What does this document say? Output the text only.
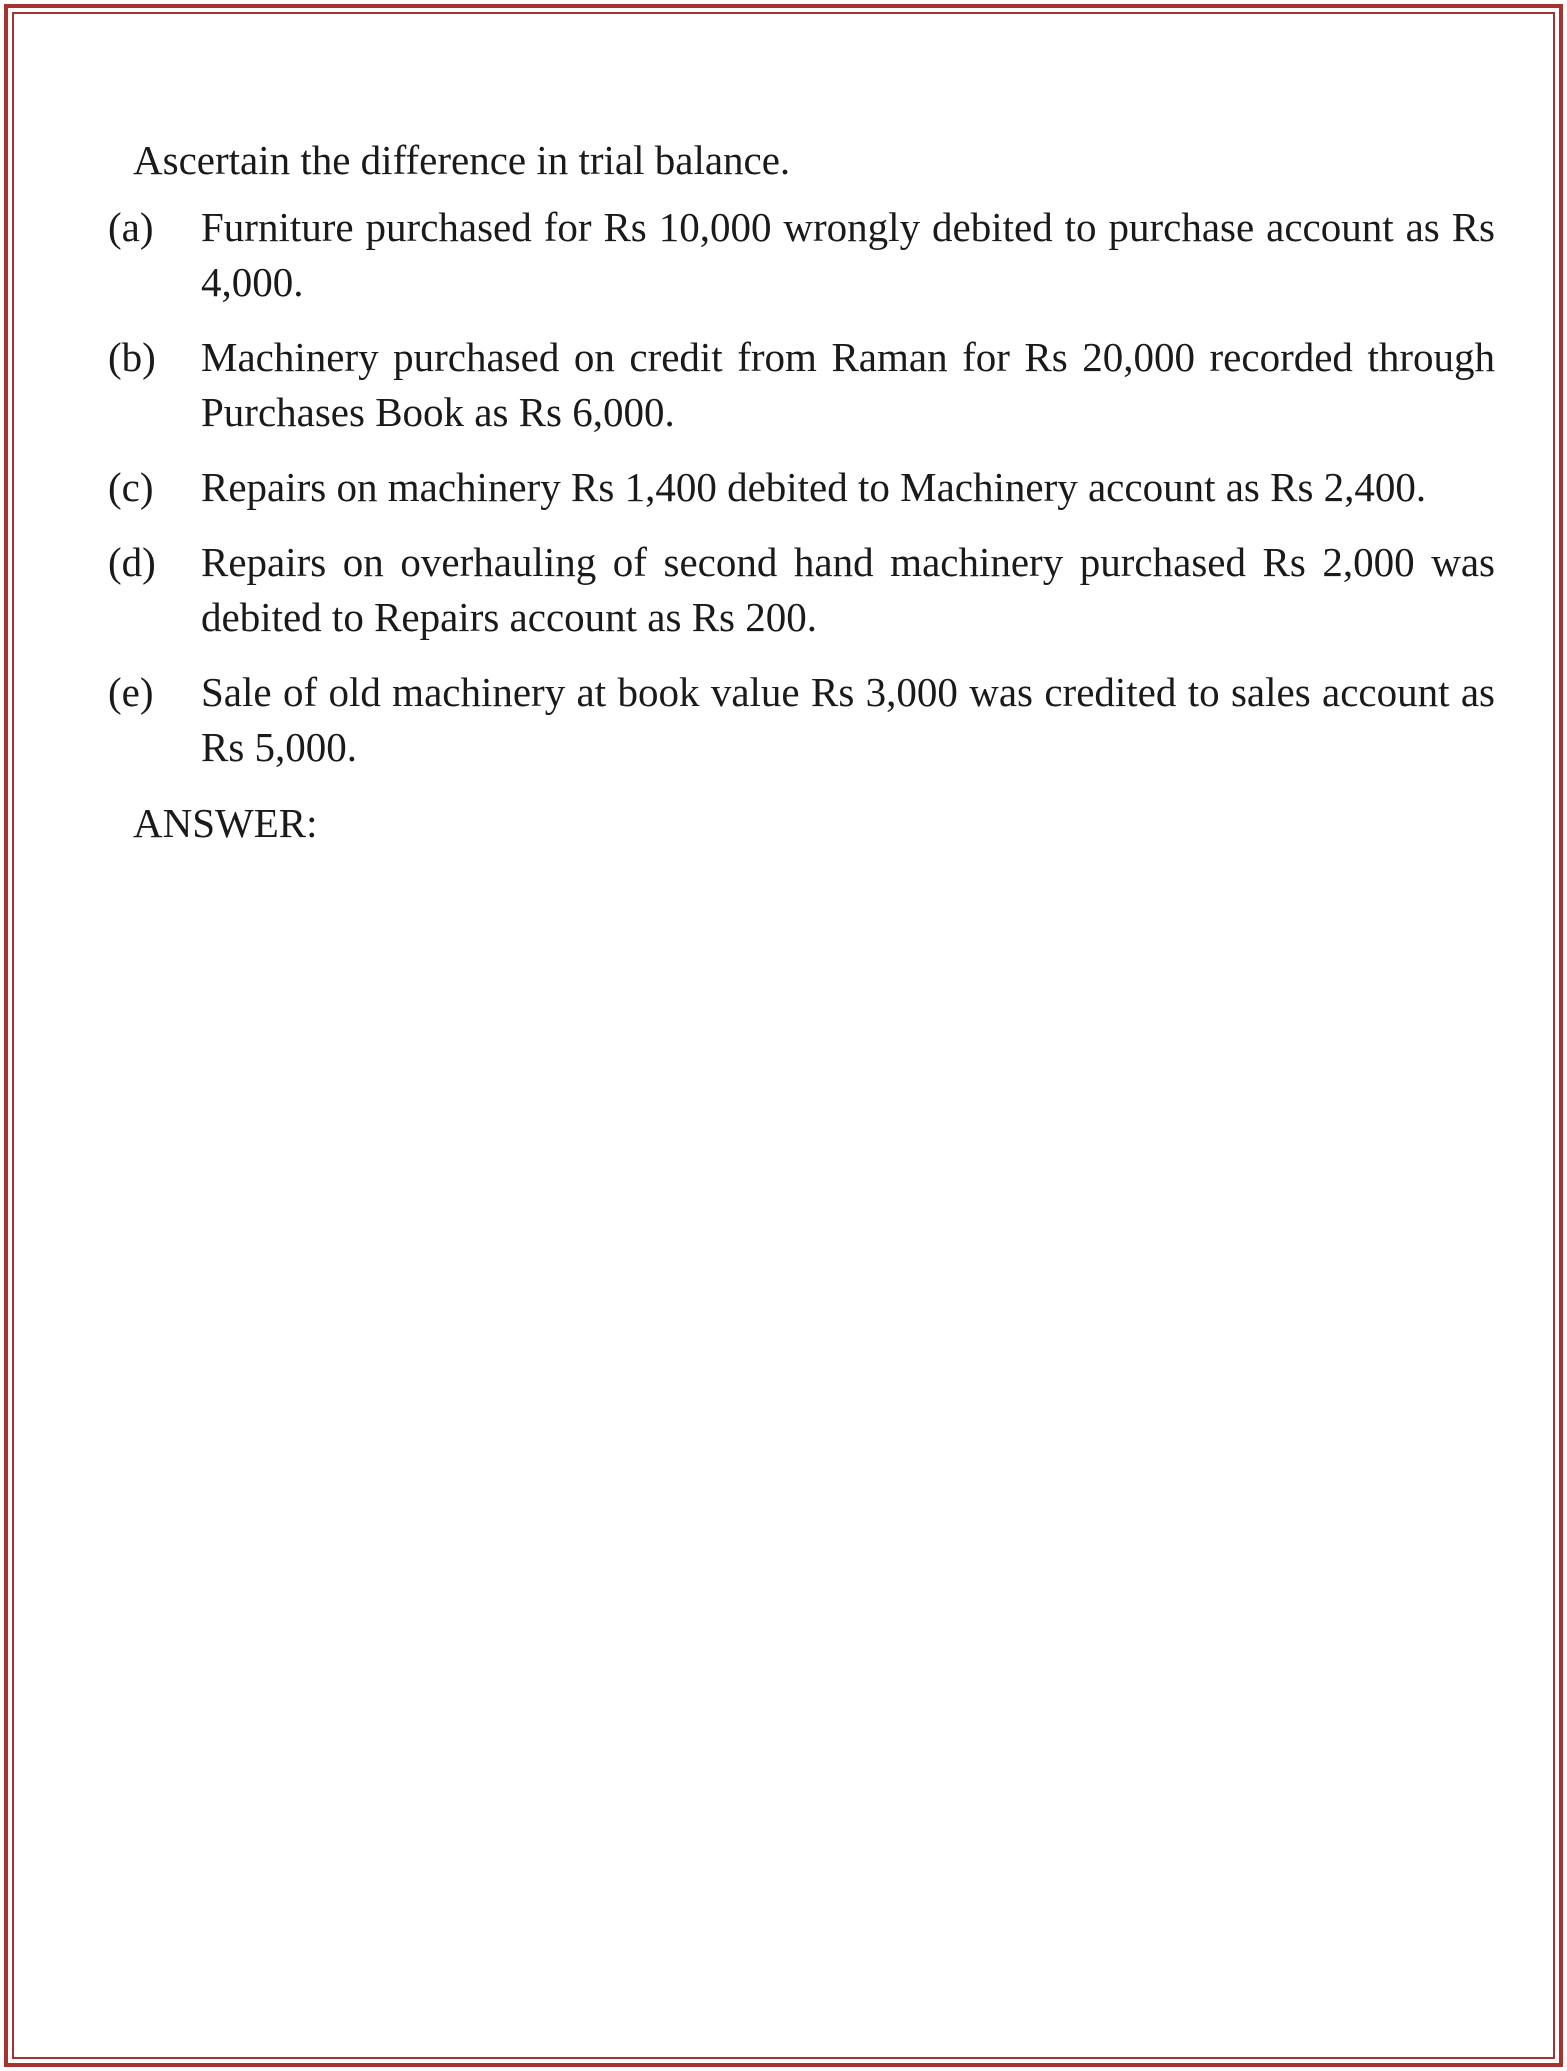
Ascertain the difference in trial balance.
(a)	Furniture purchased for Rs 10,000 wrongly debited to purchase account as Rs 4,000.
(b)	Machinery purchased on credit from Raman for Rs 20,000 recorded through Purchases Book as Rs 6,000.
(c)	Repairs on machinery Rs 1,400 debited to Machinery account as Rs 2,400.
(d)	Repairs on overhauling of second hand machinery purchased Rs 2,000 was debited to Repairs account as Rs 200.
(e)	Sale of old machinery at book value Rs 3,000 was credited to sales account as Rs 5,000.
ANSWER:
